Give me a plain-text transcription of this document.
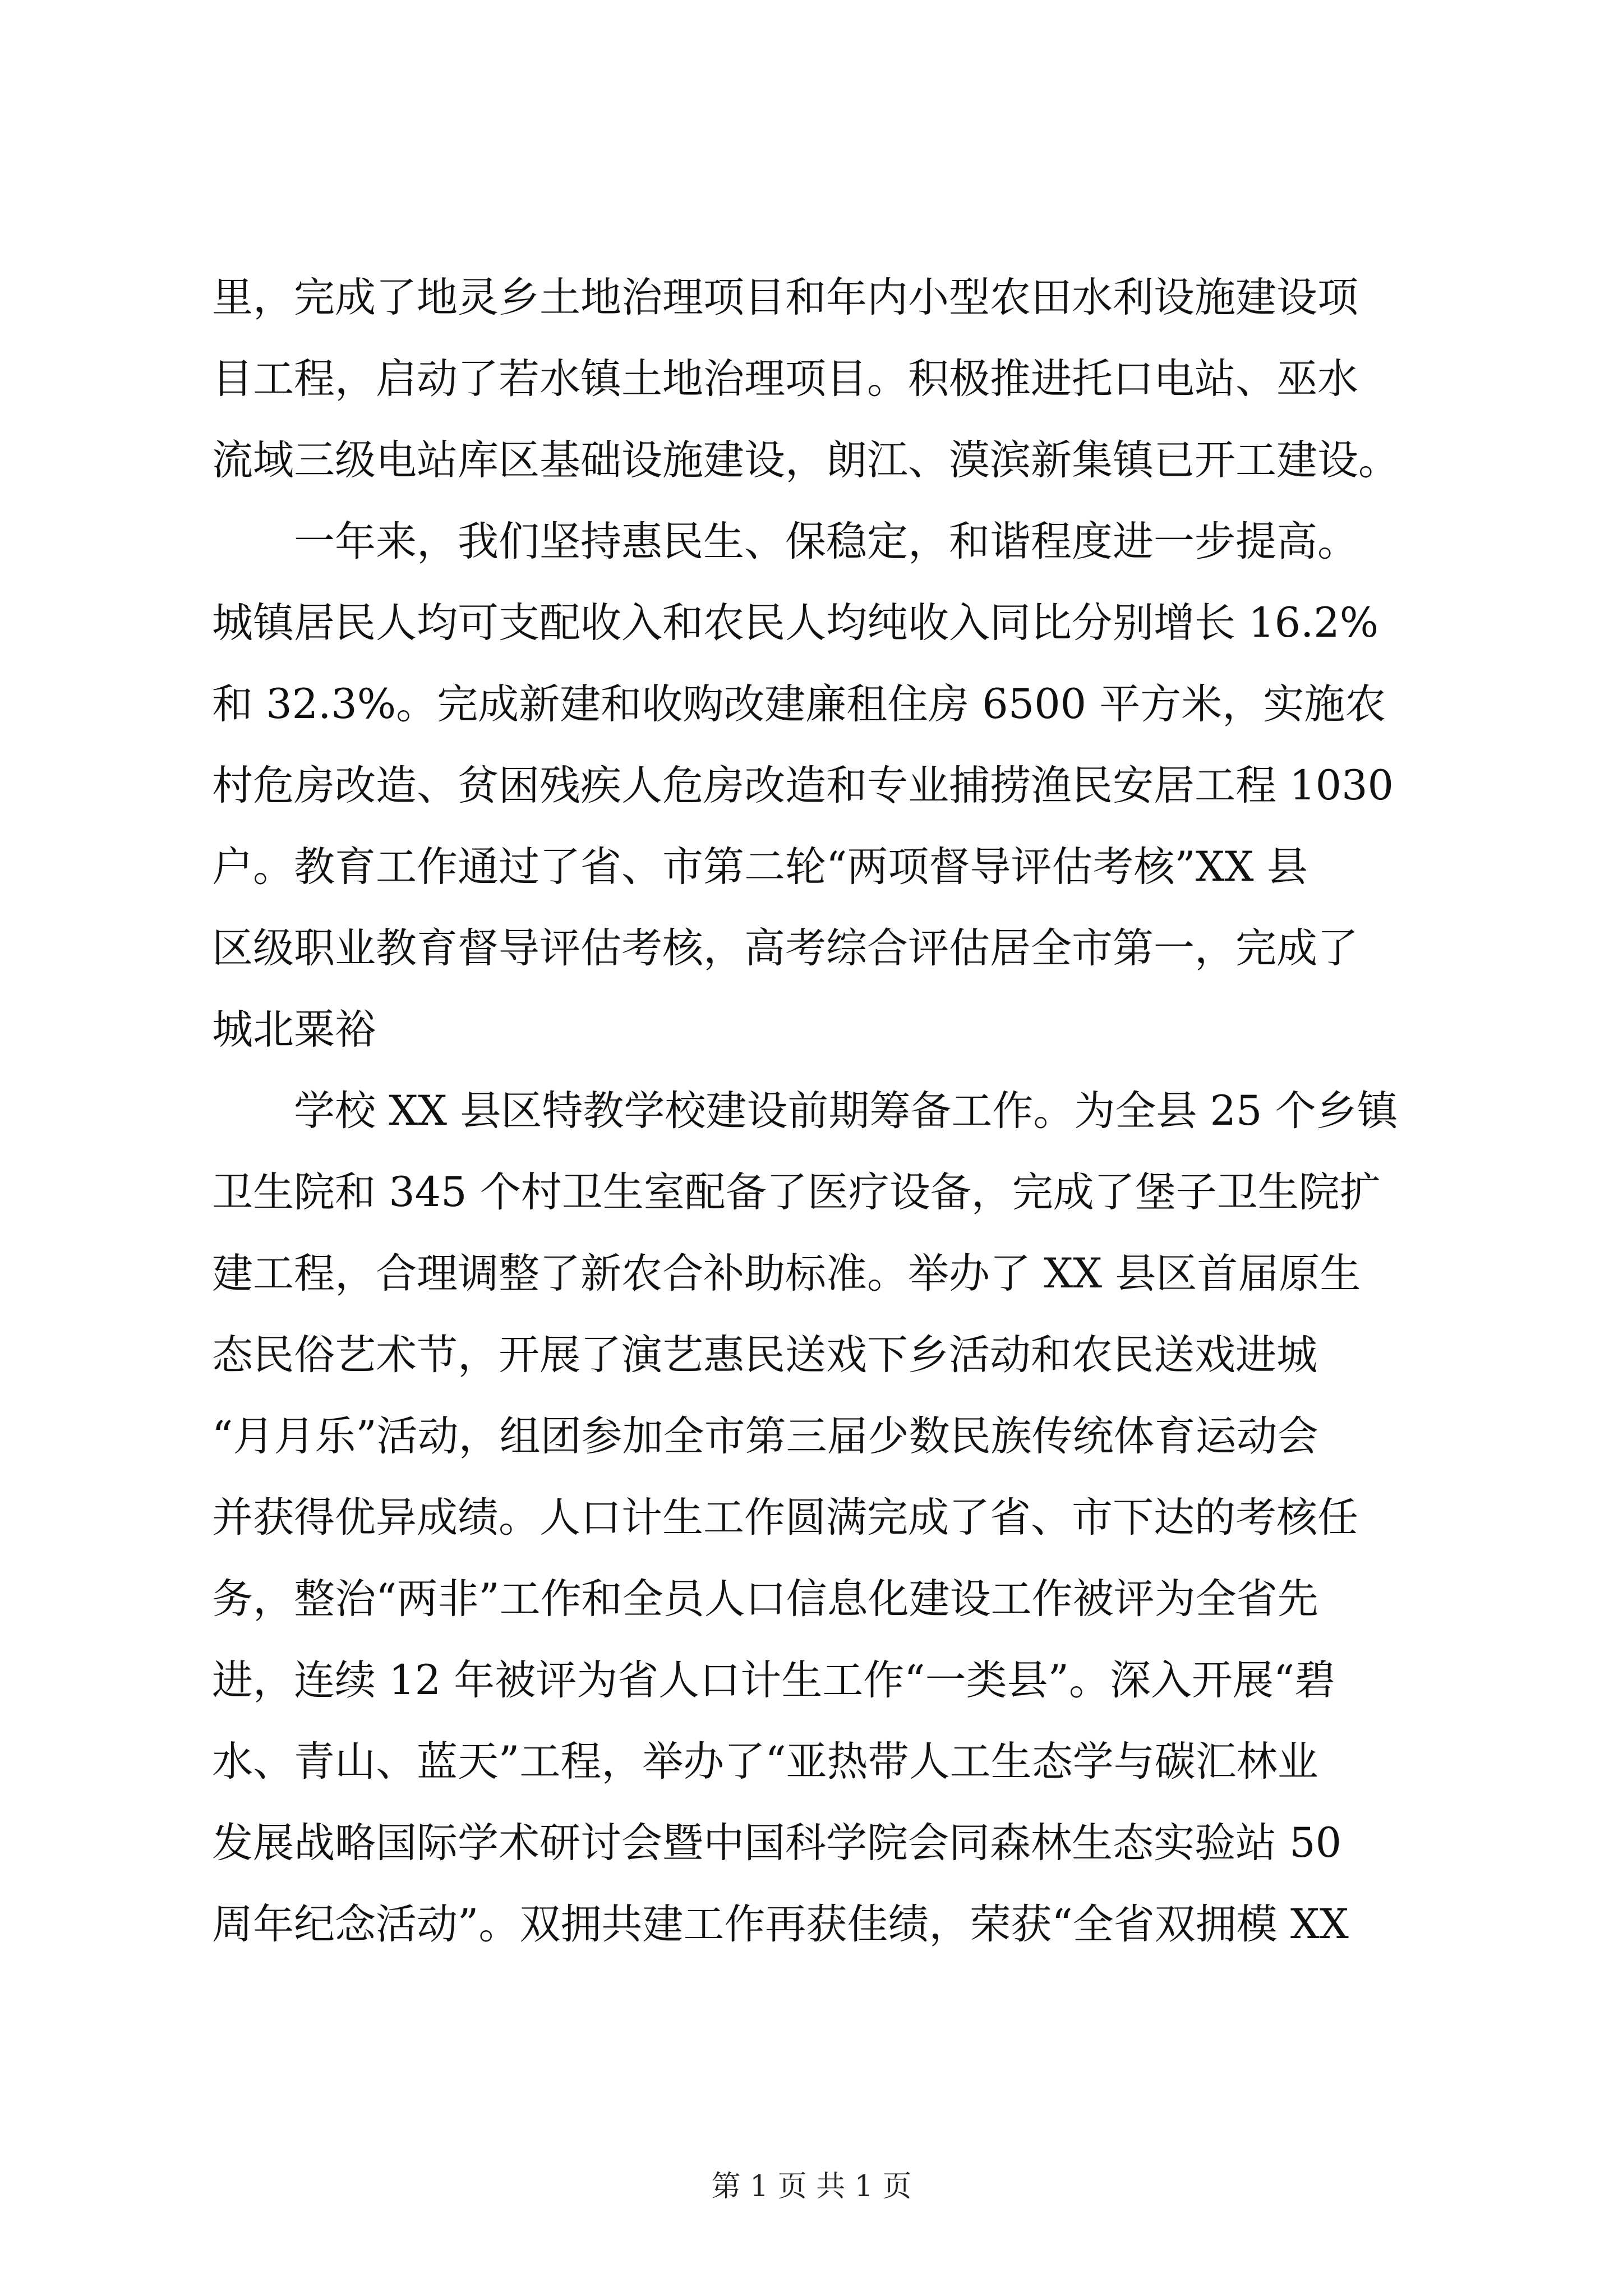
里，完成了地灵乡土地治理项目和年内小型农田水利设施建设项
目工程，启动了若水镇土地治理项目。积极推进托口电站、巫水
流域三级电站库区基础设施建设，朗江、漠滨新集镇已开工建设。
　　一年来，我们坚持惠民生、保稳定，和谐程度进一步提高。
城镇居民人均可支配收入和农民人均纯收入同比分别增长 16.2%
和 32.3%。完成新建和收购改建廉租住房 6500 平方米，实施农
村危房改造、贫困残疾人危房改造和专业捕捞渔民安居工程 1030
户。教育工作通过了省、市第二轮“两项督导评估考核”XX 县
区级职业教育督导评估考核，高考综合评估居全市第一，完成了
城北粟裕
　　学校 XX 县区特教学校建设前期筹备工作。为全县 25 个乡镇
卫生院和 345 个村卫生室配备了医疗设备，完成了堡子卫生院扩
建工程，合理调整了新农合补助标准。举办了 XX 县区首届原生
态民俗艺术节，开展了演艺惠民送戏下乡活动和农民送戏进城
“月月乐”活动，组团参加全市第三届少数民族传统体育运动会
并获得优异成绩。人口计生工作圆满完成了省、市下达的考核任
务，整治“两非”工作和全员人口信息化建设工作被评为全省先
进，连续 12 年被评为省人口计生工作“一类县”。深入开展“碧
水、青山、蓝天”工程，举办了“亚热带人工生态学与碳汇林业
发展战略国际学术研讨会暨中国科学院会同森林生态实验站 50
周年纪念活动”。双拥共建工作再获佳绩，荣获“全省双拥模 XX
第 1 页 共 1 页
